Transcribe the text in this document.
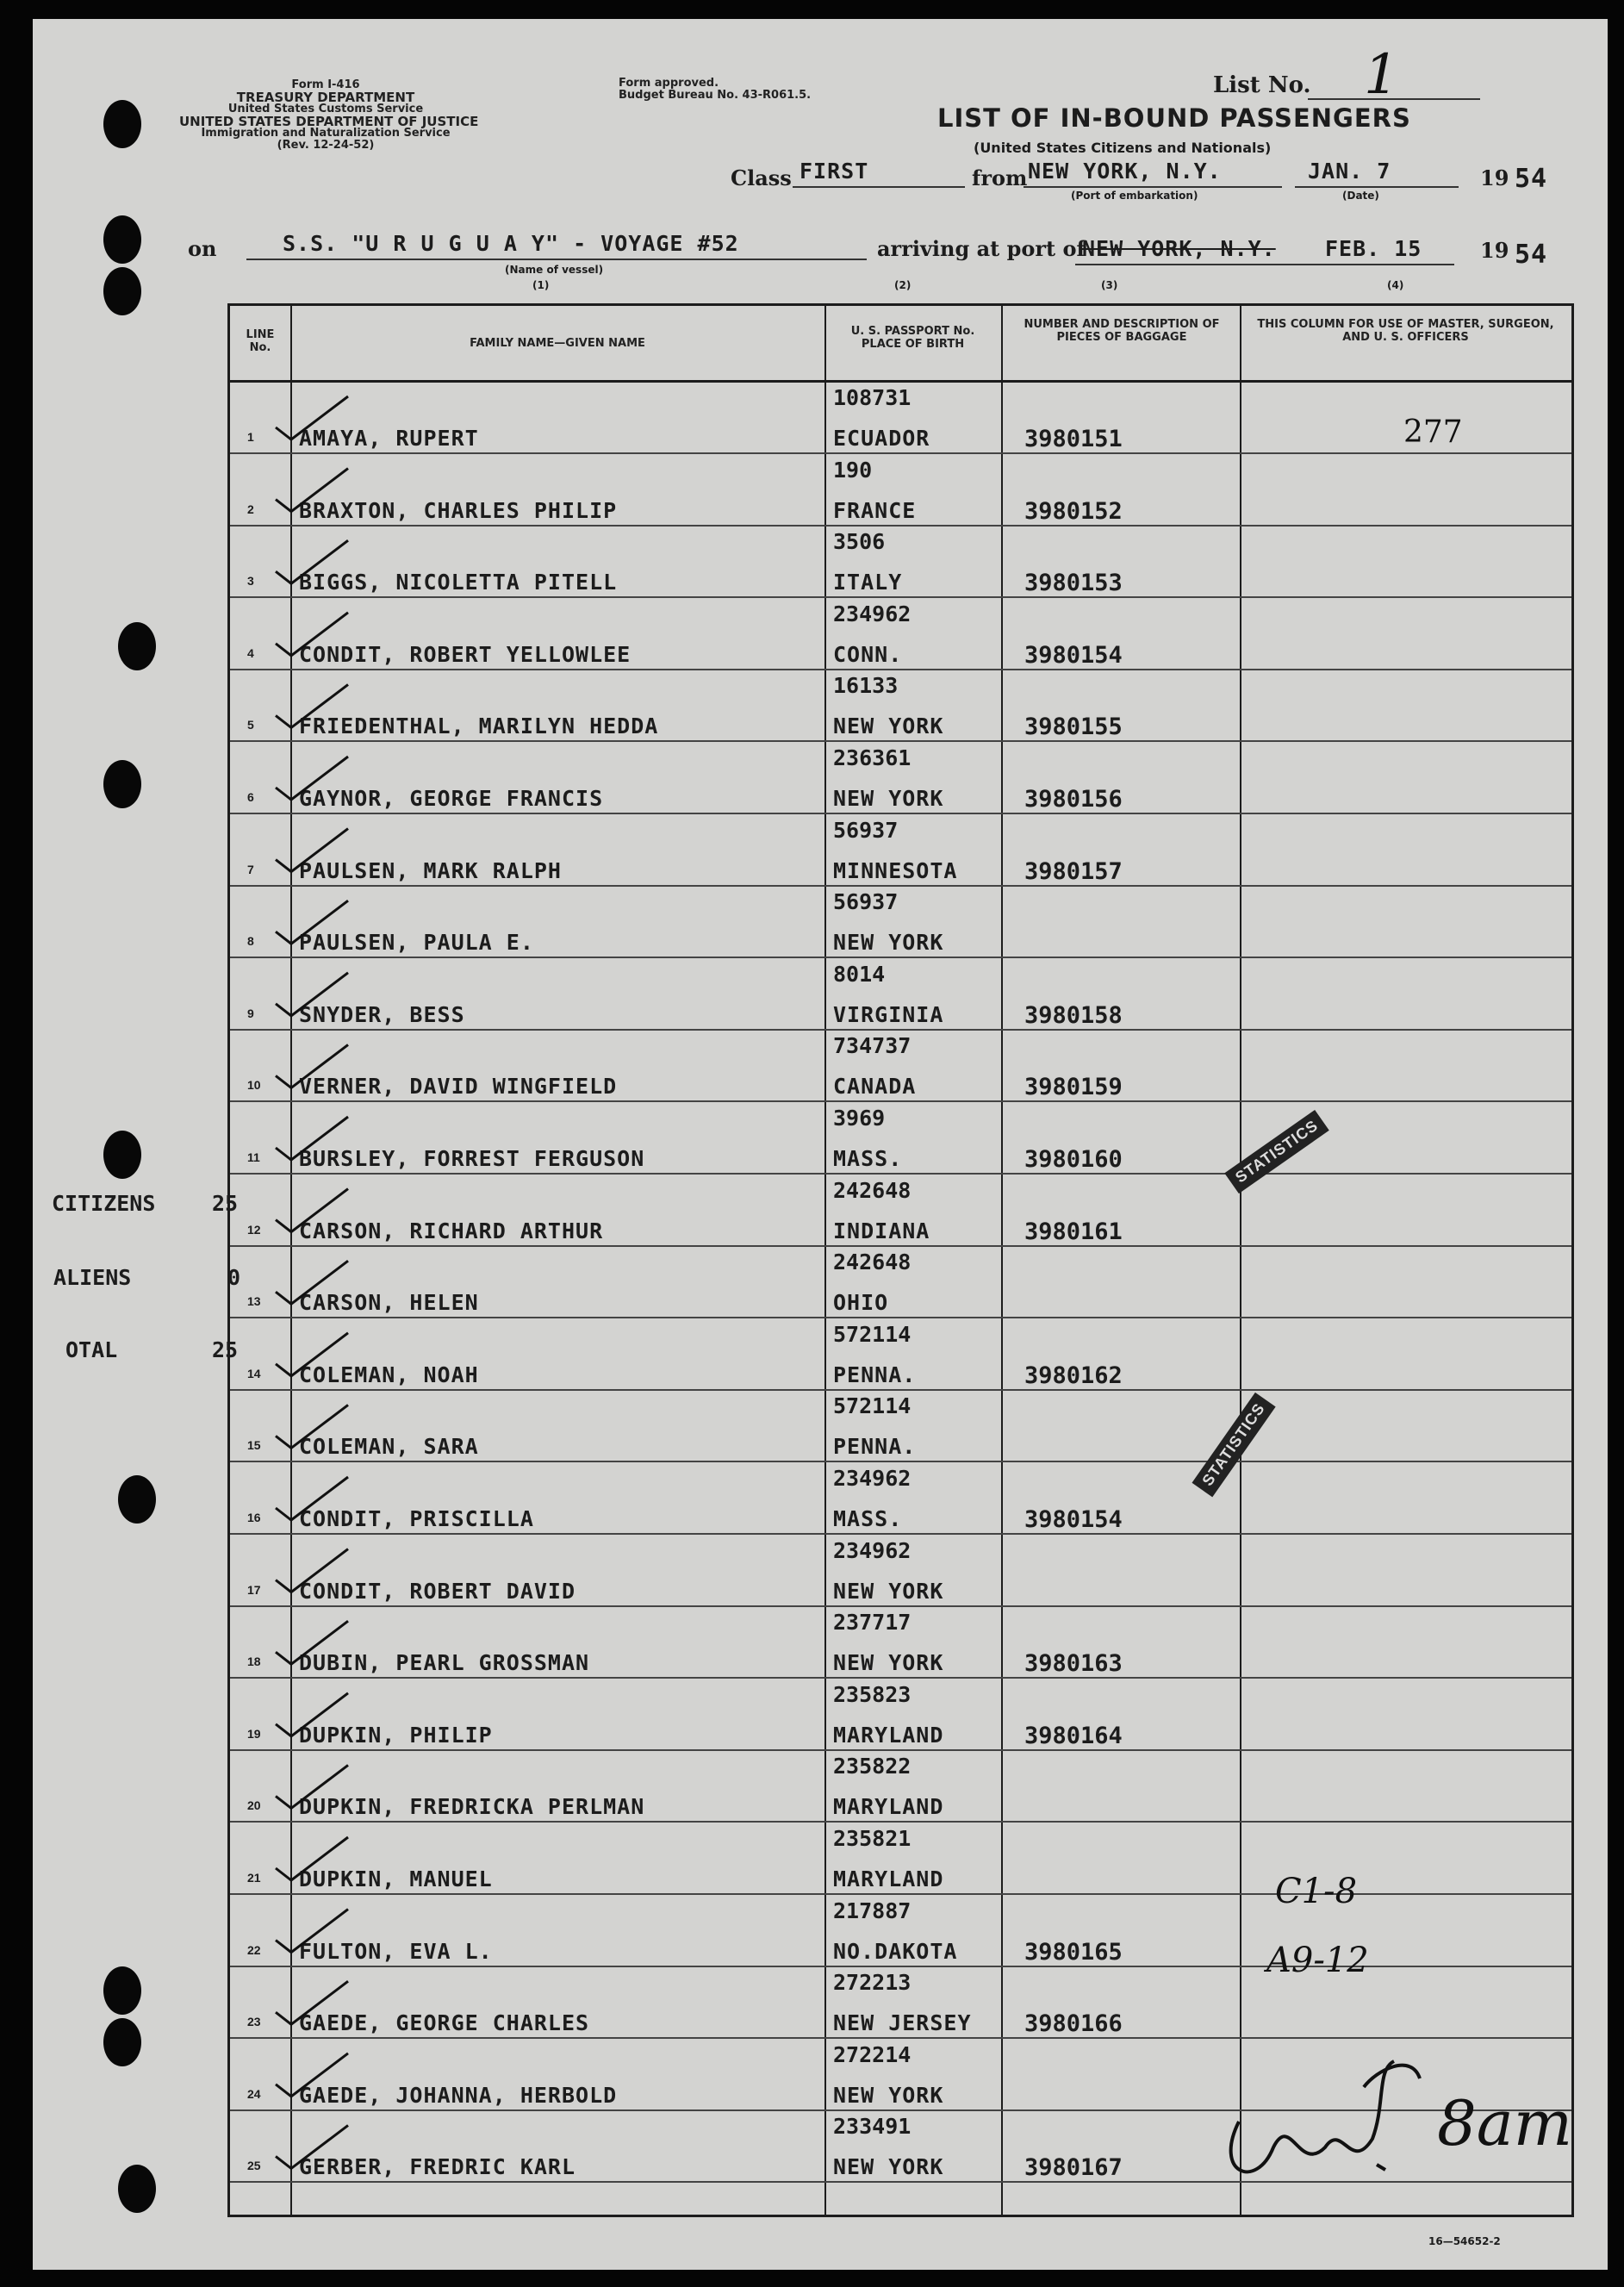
Form I-416
TREASURY DEPARTMENT
United States Customs Service
UNITED STATES DEPARTMENT OF JUSTICE
Immigration and Naturalization Service
(Rev. 12-24-52)
Form approved.
Budget Bureau No. 43-R061.5.	List No. 1
LIST OF IN-BOUND PASSENGERS
(United States Citizens and Nationals)
Class FIRST	from NEW YORK, N.Y.	JAN. 7	19 54
(Port of embarkation)	(Date)
on	S.S. "U R U G U A Y" - VOYAGE #52
(Name of vessel)
(1)
arriving at port of
NEW YORK, N.Y. FEB. 15	19 54
(2)	(3)	(4)
LINE No.	FAMILY NAME—GIVEN NAME
U. S. PASSPORT No. PLACE OF BIRTH
NUMBER AND DESCRIPTION OF PIECES OF BAGGAGE
THIS COLUMN FOR USE OF MASTER, SURGEON, AND U. S. OFFICERS
1 AMAYA, RUPERT
108731
ECUADOR	3980151
2 BRAXTON, CHARLES PHILIP
190
FRANCE	3980152
3 BIGGS, NICOLETTA PITELL
3506
ITALY	3980153
4 CONDIT, ROBERT YELLOWLEE
234962
CONN.	3980154
5 FRIEDENTHAL, MARILYN HEDDA
16133
NEW YORK	3980155
6 GAYNOR, GEORGE FRANCIS
236361
NEW YORK	3980156
7 PAULSEN, MARK RALPH
56937
MINNESOTA	3980157
8 PAULSEN, PAULA E.
56937
NEW YORK
9 SNYDER, BESS
8014
VIRGINIA	3980158
10 VERNER, DAVID WINGFIELD
734737
CANADA	3980159
11 BURSLEY, FORREST FERGUSON
3969
MASS.	3980160
12 CARSON, RICHARD ARTHUR
242648
INDIANA	3980161
13 CARSON, HELEN
242648
OHIO
14 COLEMAN, NOAH
572114
PENNA.	3980162
15 COLEMAN, SARA
572114
PENNA.
16 CONDIT, PRISCILLA
234962
MASS.	3980154
17 CONDIT, ROBERT DAVID
234962
NEW YORK
18 DUBIN, PEARL GROSSMAN
237717
NEW YORK	3980163
19 DUPKIN, PHILIP
235823
MARYLAND	3980164
20 DUPKIN, FREDRICKA PERLMAN
235822
MARYLAND
21 DUPKIN, MANUEL
235821
MARYLAND
22 FULTON, EVA L.
217887
NO.DAKOTA	3980165
23 GAEDE, GEORGE CHARLES
272213
NEW JERSEY 3980166
24 GAEDE, JOHANNA, HERBOLD
272214
NEW YORK
25 GERBER, FREDRIC KARL
233491
NEW YORK	3980167
277
CITIZENS	25
ALIENS	0
OTAL	25
STATISTICS
STATISTICS
C1-8
A9-12
8am
16—54652-2
